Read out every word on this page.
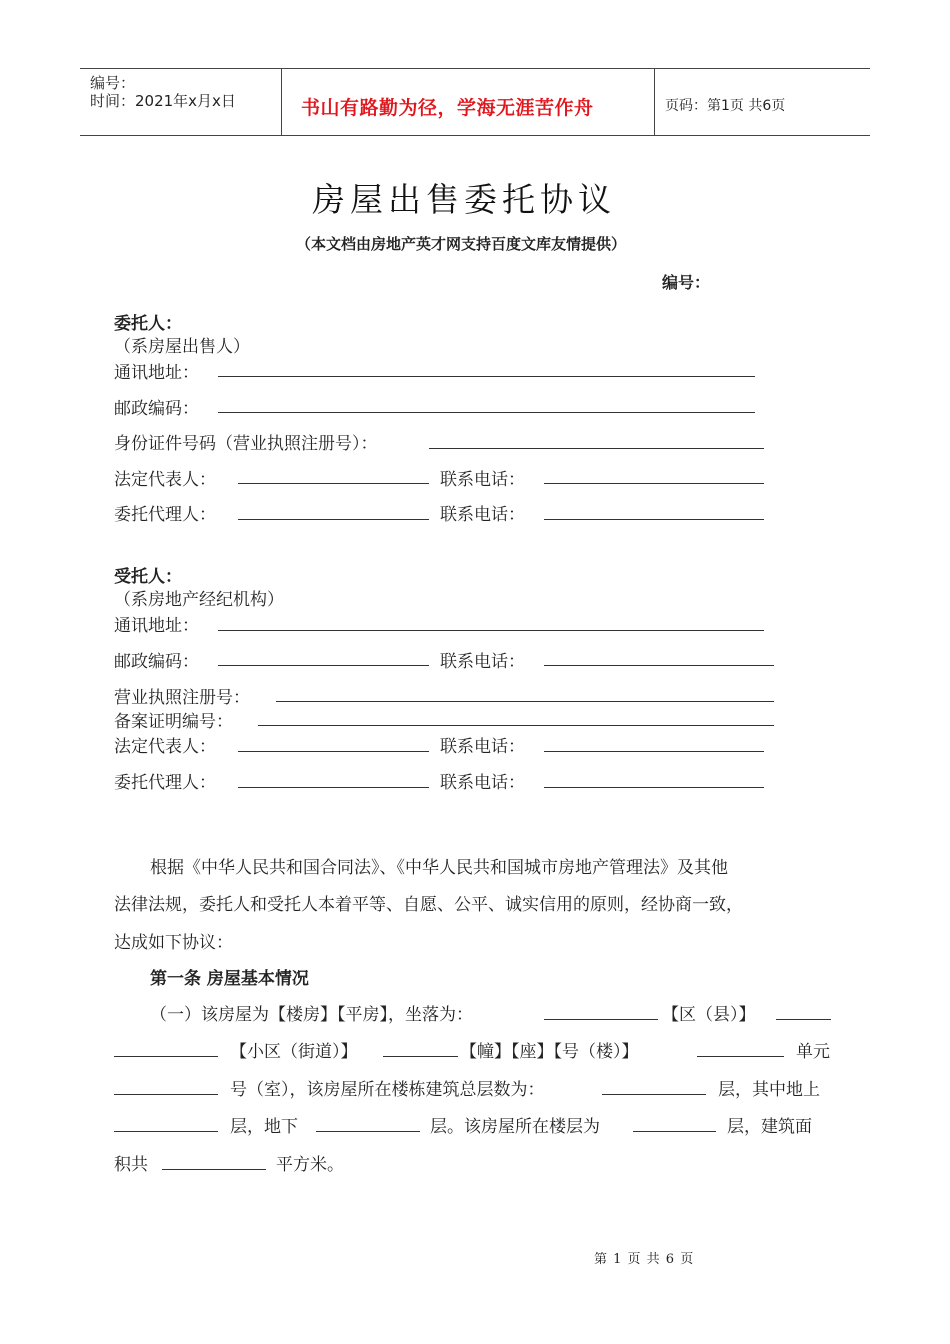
编号：
时间：2021年x月x日	书山有路勤为径，学海无涯苦作舟	页码：第1页 共6页
房屋出售委托协议
（本文档由房地产英才网支持百度文库友情提供）
编号：
委托人：
（系房屋出售人）
通讯地址：
邮政编码：
身份证件号码（营业执照注册号）：
法定代表人：	联系电话：
委托代理人：	联系电话：
受托人：
（系房地产经纪机构）
通讯地址：
邮政编码：	联系电话：
营业执照注册号：
备案证明编号：
法定代表人：	联系电话：
委托代理人：	联系电话：
根据《中华人民共和国合同法》、《中华人民共和国城市房地产管理法》及其他
法律法规，委托人和受托人本着平等、自愿、公平、诚实信用的原则，经协商一致，
达成如下协议：
第一条 房屋基本情况
（一）该房屋为【楼房】【平房】，坐落为：	【区（县）】
【小区（街道）】	【幢】【座】【号（楼）】	单元
号（室），该房屋所在楼栋建筑总层数为：	层，其中地上
层，地下	层。该房屋所在楼层为	层，建筑面
积共	平方米。
第 1 页 共 6 页
